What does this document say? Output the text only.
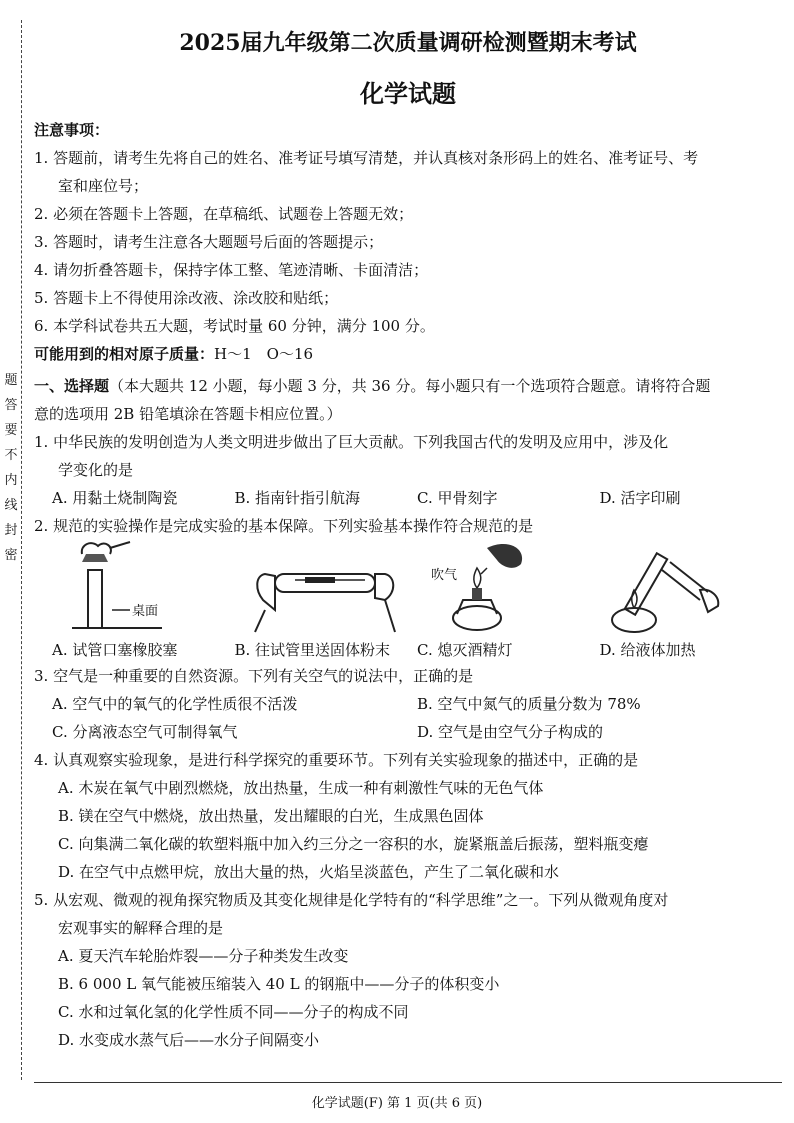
题
答
要
不
内
线
封
密
2025届九年级第二次质量调研检测暨期末考试
化学试题
注意事项：
1. 答题前，请考生先将自己的姓名、准考证号填写清楚，并认真核对条形码上的姓名、准考证号、考
室和座位号；
2. 必须在答题卡上答题，在草稿纸、试题卷上答题无效；
3. 答题时，请考生注意各大题题号后面的答题提示；
4. 请勿折叠答题卡，保持字体工整、笔迹清晰、卡面清洁；
5. 答题卡上不得使用涂改液、涂改胶和贴纸；
6. 本学科试卷共五大题，考试时量 60 分钟，满分 100 分。
可能用到的相对原子质量：H～1　O～16
一、选择题（本大题共 12 小题，每小题 3 分，共 36 分。每小题只有一个选项符合题意。请将符合题
意的选项用 2B 铅笔填涂在答题卡相应位置。）
1. 中华民族的发明创造为人类文明进步做出了巨大贡献。下列我国古代的发明及应用中，涉及化
学变化的是
A. 用黏土烧制陶瓷	B. 指南针指引航海	C. 甲骨刻字	D. 活字印刷
2. 规范的实验操作是完成实验的基本保障。下列实验基本操作符合规范的是
桌面
A. 试管口塞橡胶塞	B. 往试管里送固体粉末
吹气
C. 熄灭酒精灯	D. 给液体加热
3. 空气是一种重要的自然资源。下列有关空气的说法中，正确的是
A. 空气中的氧气的化学性质很不活泼	B. 空气中氮气的质量分数为 78%
C. 分离液态空气可制得氧气	D. 空气是由空气分子构成的
4. 认真观察实验现象，是进行科学探究的重要环节。下列有关实验现象的描述中，正确的是
A. 木炭在氧气中剧烈燃烧，放出热量，生成一种有刺激性气味的无色气体
B. 镁在空气中燃烧，放出热量，发出耀眼的白光，生成黑色固体
C. 向集满二氧化碳的软塑料瓶中加入约三分之一容积的水，旋紧瓶盖后振荡，塑料瓶变瘪
D. 在空气中点燃甲烷，放出大量的热，火焰呈淡蓝色，产生了二氧化碳和水
5. 从宏观、微观的视角探究物质及其变化规律是化学特有的“科学思维”之一。下列从微观角度对
宏观事实的解释合理的是
A. 夏天汽车轮胎炸裂——分子种类发生改变
B. 6 000 L 氧气能被压缩装入 40 L 的钢瓶中——分子的体积变小
C. 水和过氧化氢的化学性质不同——分子的构成不同
D. 水变成水蒸气后——水分子间隔变小
化学试题(F) 第 1 页(共 6 页)
